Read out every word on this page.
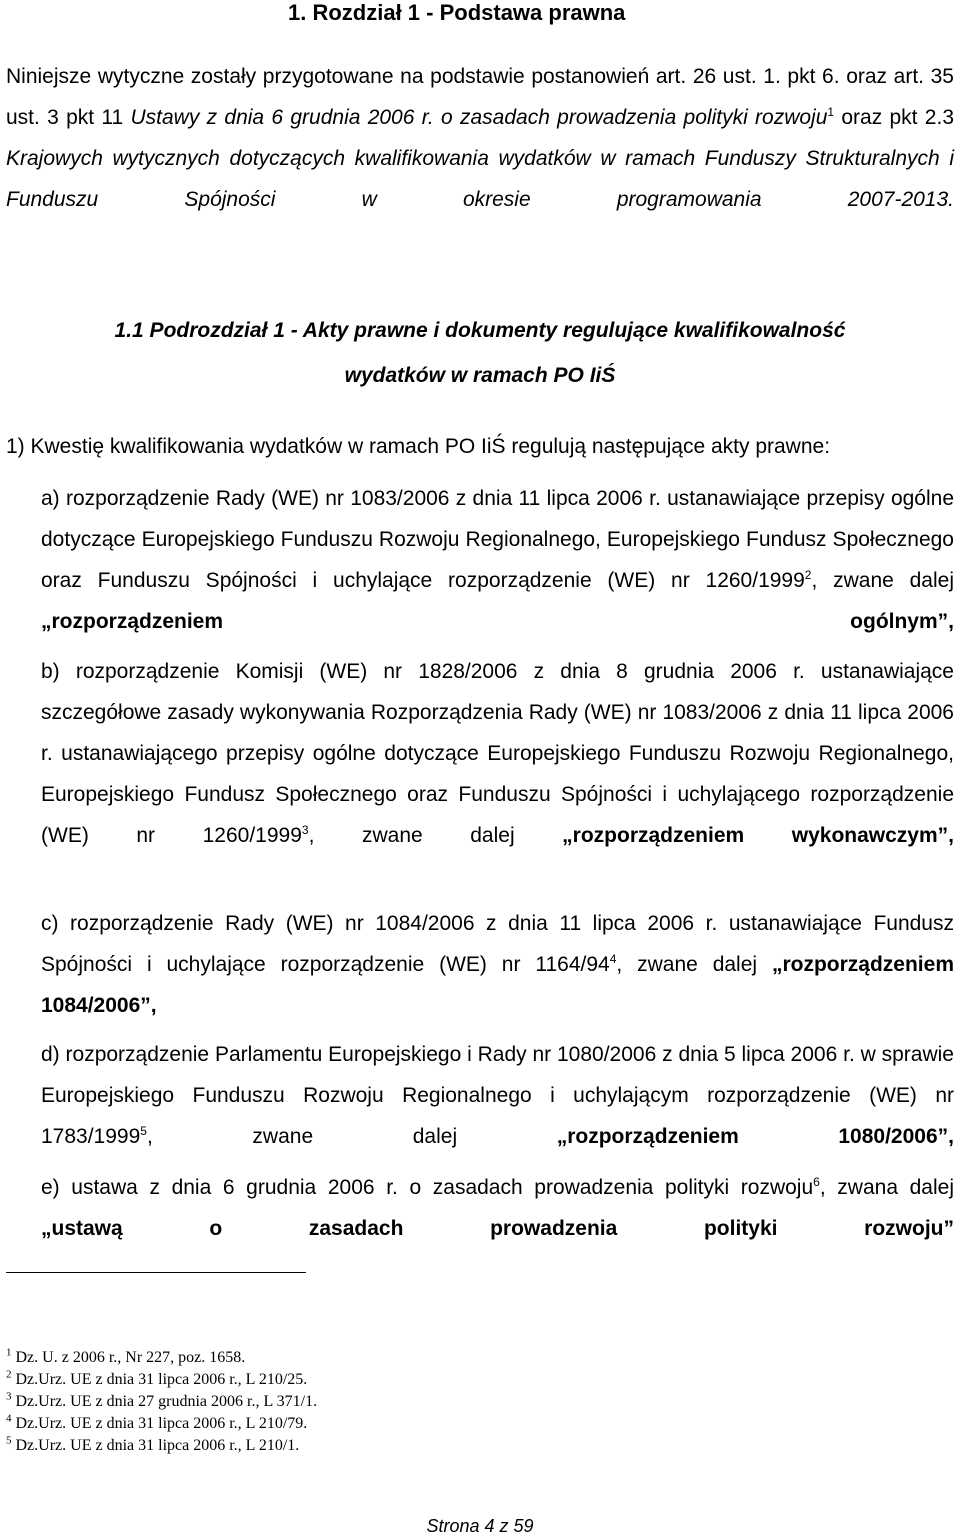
1. Rozdział 1 - Podstawa prawna
Niniejsze wytyczne zostały przygotowane na podstawie postanowień art. 26 ust. 1. pkt 6. oraz art. 35 ust. 3 pkt 11 Ustawy z dnia 6 grudnia 2006 r. o zasadach prowadzenia polityki rozwoju$^1$ oraz pkt 2.3 Krajowych wytycznych dotyczących kwalifikowania wydatków w ramach Funduszy Strukturalnych i Funduszu Spójności w okresie programowania 2007-2013.
1.1 Podrozdział 1 - Akty prawne i dokumenty regulujące kwalifikowalność
wydatków w ramach PO IiŚ
1) Kwestię kwalifikowania wydatków w ramach PO IiŚ regulują następujące akty prawne:
a) rozporządzenie Rady (WE) nr 1083/2006 z dnia 11 lipca 2006 r. ustanawiające przepisy ogólne dotyczące Europejskiego Funduszu Rozwoju Regionalnego, Europejskiego Fundusz Społecznego oraz Funduszu Spójności i uchylające rozporządzenie (WE) nr 1260/1999$^2$, zwane dalej „rozporządzeniem ogólnym”,
b) rozporządzenie Komisji (WE) nr 1828/2006 z dnia 8 grudnia 2006 r. ustanawiające szczegółowe zasady wykonywania Rozporządzenia Rady (WE) nr 1083/2006 z dnia 11 lipca 2006 r. ustanawiającego przepisy ogólne dotyczące Europejskiego Funduszu Rozwoju Regionalnego, Europejskiego Fundusz Społecznego oraz Funduszu Spójności i uchylającego rozporządzenie (WE) nr 1260/1999$^3$, zwane dalej „rozporządzeniem wykonawczym”,
c) rozporządzenie Rady (WE) nr 1084/2006 z dnia 11 lipca 2006 r. ustanawiające Fundusz Spójności i uchylające rozporządzenie (WE) nr $1164/94^4$, zwane dalej „rozporządzeniem 1084/2006”,
d) rozporządzenie Parlamentu Europejskiego i Rady nr 1080/2006 z dnia 5 lipca 2006 r. w sprawie Europejskiego Funduszu Rozwoju Regionalnego i uchylającym rozporządzenie (WE) nr 1783/1999$^5$, zwane dalej „rozporządzeniem 1080/2006”,
e) ustawa z dnia 6 grudnia 2006 r. o zasadach prowadzenia polityki rozwoju$^6$, zwana dalej „ustawą o zasadach prowadzenia polityki rozwoju”
$^1$ Dz. U. z 2006 r., Nr 227, poz. 1658.
$^2$ Dz.Urz. UE z dnia 31 lipca 2006 r., L 210/25.
$^3$ Dz.Urz. UE z dnia 27 grudnia 2006 r., L 371/1.
$^4$ Dz.Urz. UE z dnia 31 lipca 2006 r., L 210/79.
$^5$ Dz.Urz. UE z dnia 31 lipca 2006 r., L 210/1.
Strona 4 z 59
